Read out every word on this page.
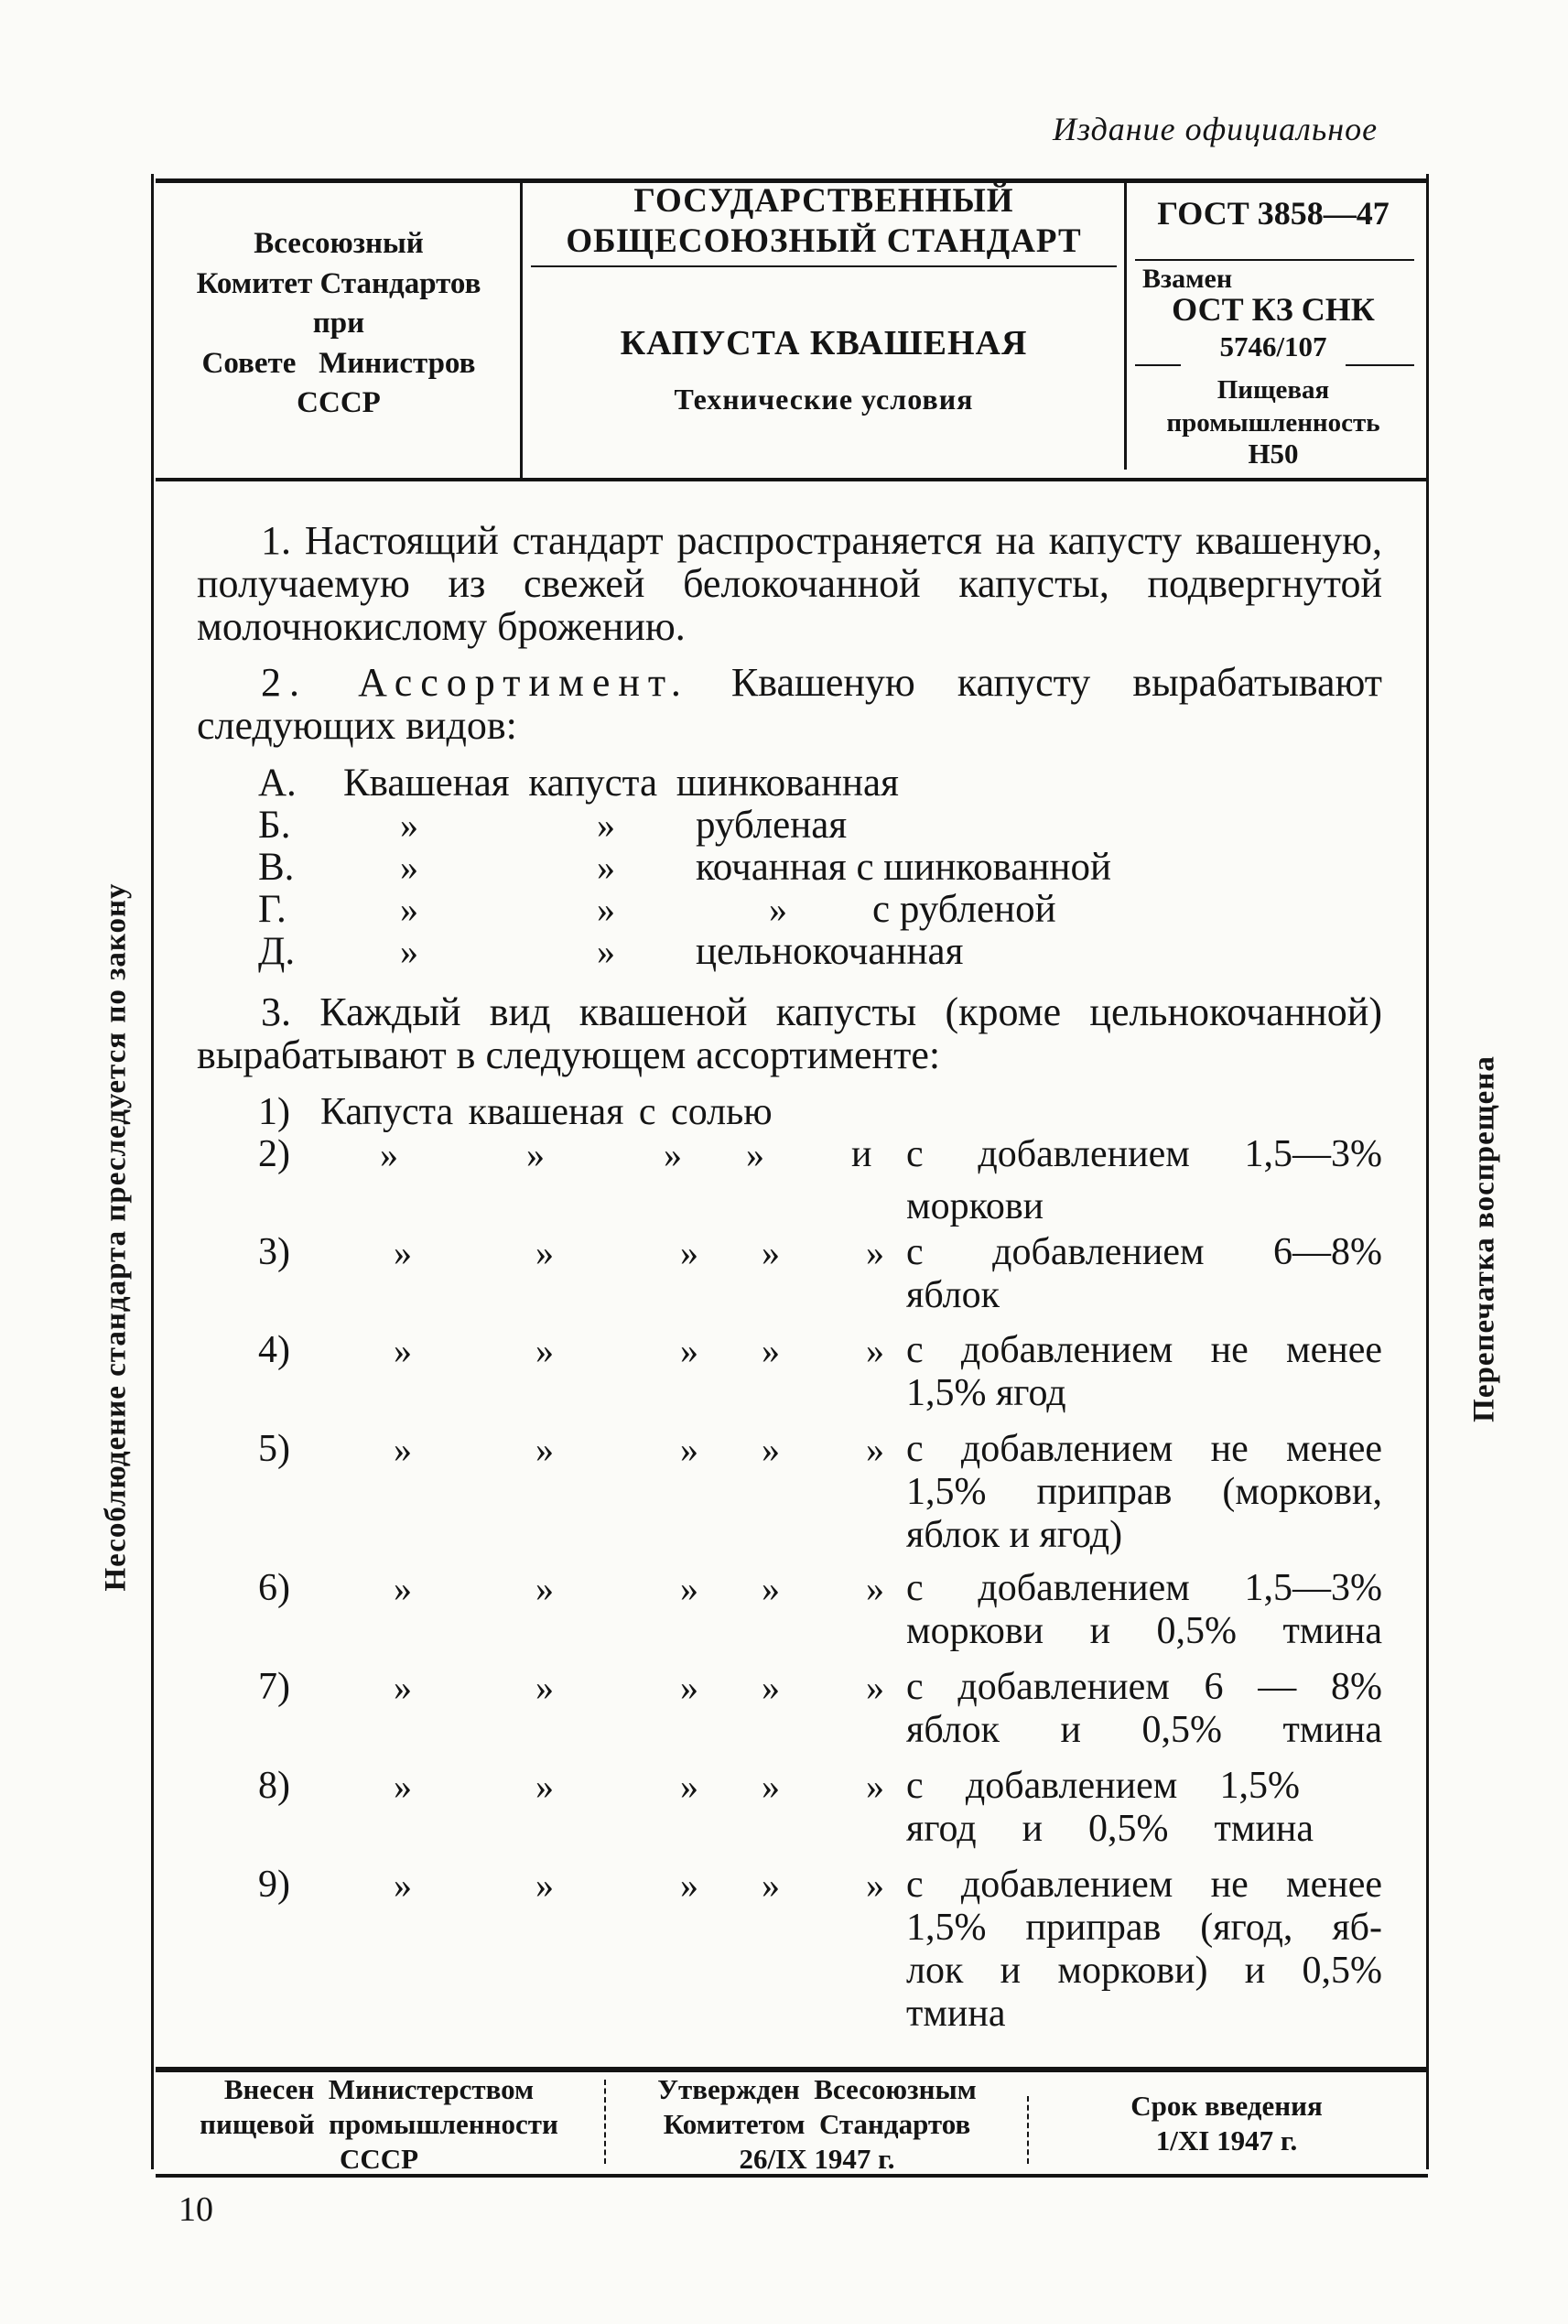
Издание официальное
Несоблюдение стандарта преследуется по закону	Перепечатка воспрещена
Всесоюзный
Комитет Стандартов
при
Совете   Министров
СССР
ГОСУДАРСТВЕННЫЙ
ОБЩЕСОЮЗНЫЙ СТАНДАРТ
КАПУСТА КВАШЕНАЯ
Технические условия
ГОСТ 3858—47
Взамен
ОСТ КЗ СНК
5746/107
Пищевая
промышленность
Н50
1. Настоящий стандарт распространяется на капусту квашеную, получаемую из свежей белокочанной капусты, подвергнутой молочнокислому брожению.
2. Ассортимент. Квашеную капусту вырабатывают следующих видов:
А. Квашеная капуста шинкованная
Б.	»	» рубленая
В.	»	» кочанная с шинкованной
Г.	»	»	» с рубленой
Д.	»	» цельнокочанная
3. Каждый вид квашеной капусты (кроме цельнокочанной) вырабатывают в следующем ассортименте:
1) Капуста квашеная с солью
2) »	»	» » и с добавлением 1,5—3%
моркови
3)	»	»	» » » с добавлением 6—8%
яблок
4)	»	»	» » » с добавлением не менее
1,5% ягод
5)	»	»	» » » с добавлением не менее
1,5% приправ (моркови,
яблок и ягод)
6)	»	»	» » » с добавлением 1,5—3%
моркови и 0,5% тмина
7)	»	»	» » » с добавлением 6 — 8%
яблок и 0,5% тмина
8)	»	»	» » » с добавлением 1,5%
ягод и 0,5% тмина
9)	»	»	» » » с добавлением не менее
1,5% приправ (ягод, яб-
лок и моркови) и 0,5%
тмина
Внесен  Министерством
пищевой  промышленности
СССР
Утвержден  Всесоюзным
Комитетом  Стандартов
26/IX 1947 г.
Срок введения
1/XI 1947 г.
10
